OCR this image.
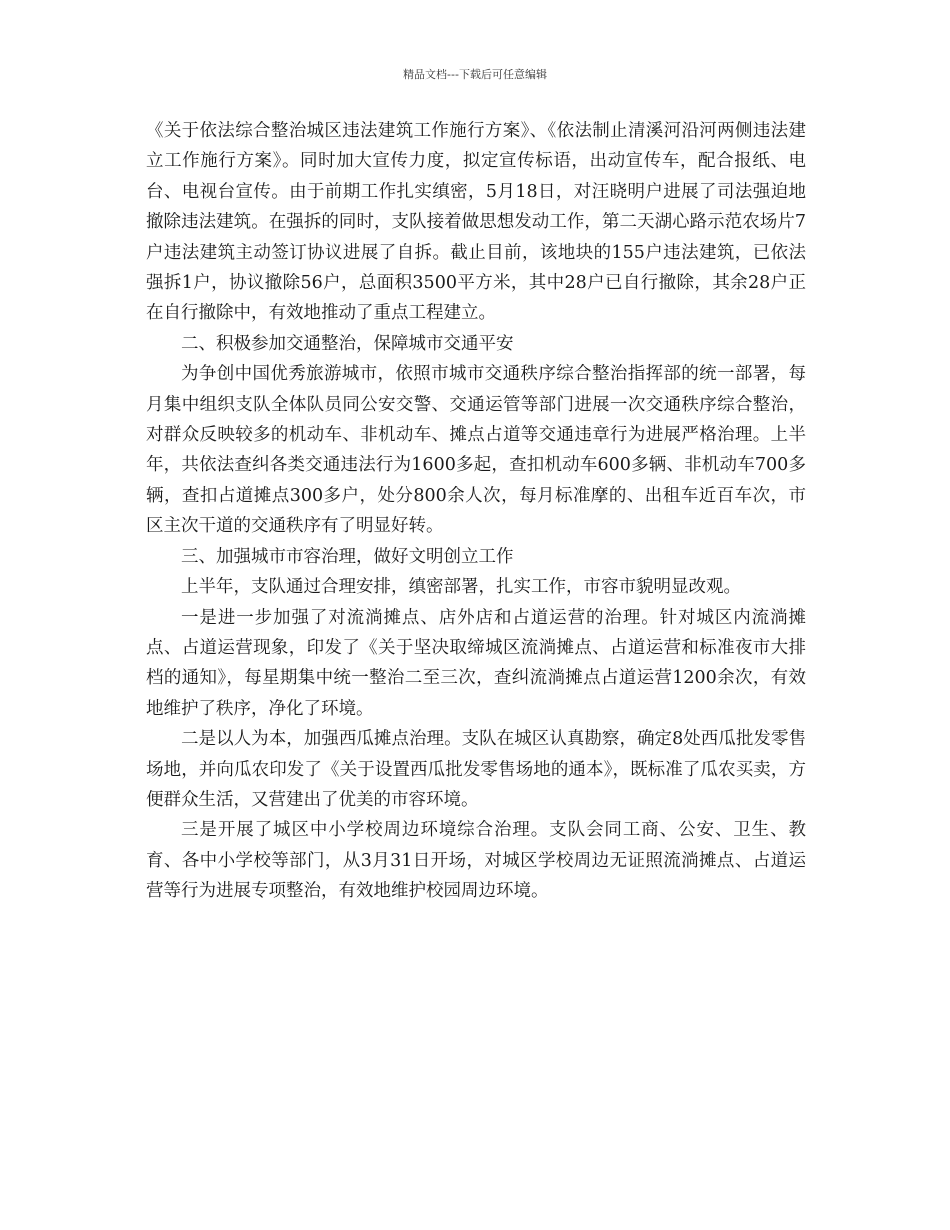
精品文档---下载后可任意编辑

《关于依法综合整治城区违法建筑工作施行方案》、《依法制止清溪河沿河两侧违法建立工作施行方案》。同时加大宣传力度，拟定宣传标语，出动宣传车，配合报纸、电台、电视台宣传。由于前期工作扎实缜密，5月18日，对汪晓明户进展了司法强迫地撤除违法建筑。在强拆的同时，支队接着做思想发动工作，第二天湖心路示范农场片7户违法建筑主动签订协议进展了自拆。截止目前，该地块的155户违法建筑，已依法强拆1户，协议撤除56户，总面积3500平方米，其中28户已自行撤除，其余28户正在自行撤除中，有效地推动了重点工程建立。

二、积极参加交通整治，保障城市交通平安

为争创中国优秀旅游城市，依照市城市交通秩序综合整治指挥部的统一部署，每月集中组织支队全体队员同公安交警、交通运管等部门进展一次交通秩序综合整治，对群众反映较多的机动车、非机动车、摊点占道等交通违章行为进展严格治理。上半年，共依法查纠各类交通违法行为1600多起，查扣机动车600多辆、非机动车700多辆，查扣占道摊点300多户，处分800余人次，每月标准摩的、出租车近百车次，市区主次干道的交通秩序有了明显好转。

三、加强城市市容治理，做好文明创立工作

上半年，支队通过合理安排，缜密部署，扎实工作，市容市貌明显改观。

一是进一步加强了对流淌摊点、店外店和占道运营的治理。针对城区内流淌摊点、占道运营现象，印发了《关于坚决取缔城区流淌摊点、占道运营和标准夜市大排档的通知》，每星期集中统一整治二至三次，查纠流淌摊点占道运营1200余次，有效地维护了秩序，净化了环境。

二是以人为本，加强西瓜摊点治理。支队在城区认真勘察，确定8处西瓜批发零售场地，并向瓜农印发了《关于设置西瓜批发零售场地的通本》，既标准了瓜农买卖，方便群众生活，又营建出了优美的市容环境。

三是开展了城区中小学校周边环境综合治理。支队会同工商、公安、卫生、教育、各中小学校等部门，从3月31日开场，对城区学校周边无证照流淌摊点、占道运营等行为进展专项整治，有效地维护校园周边环境。
